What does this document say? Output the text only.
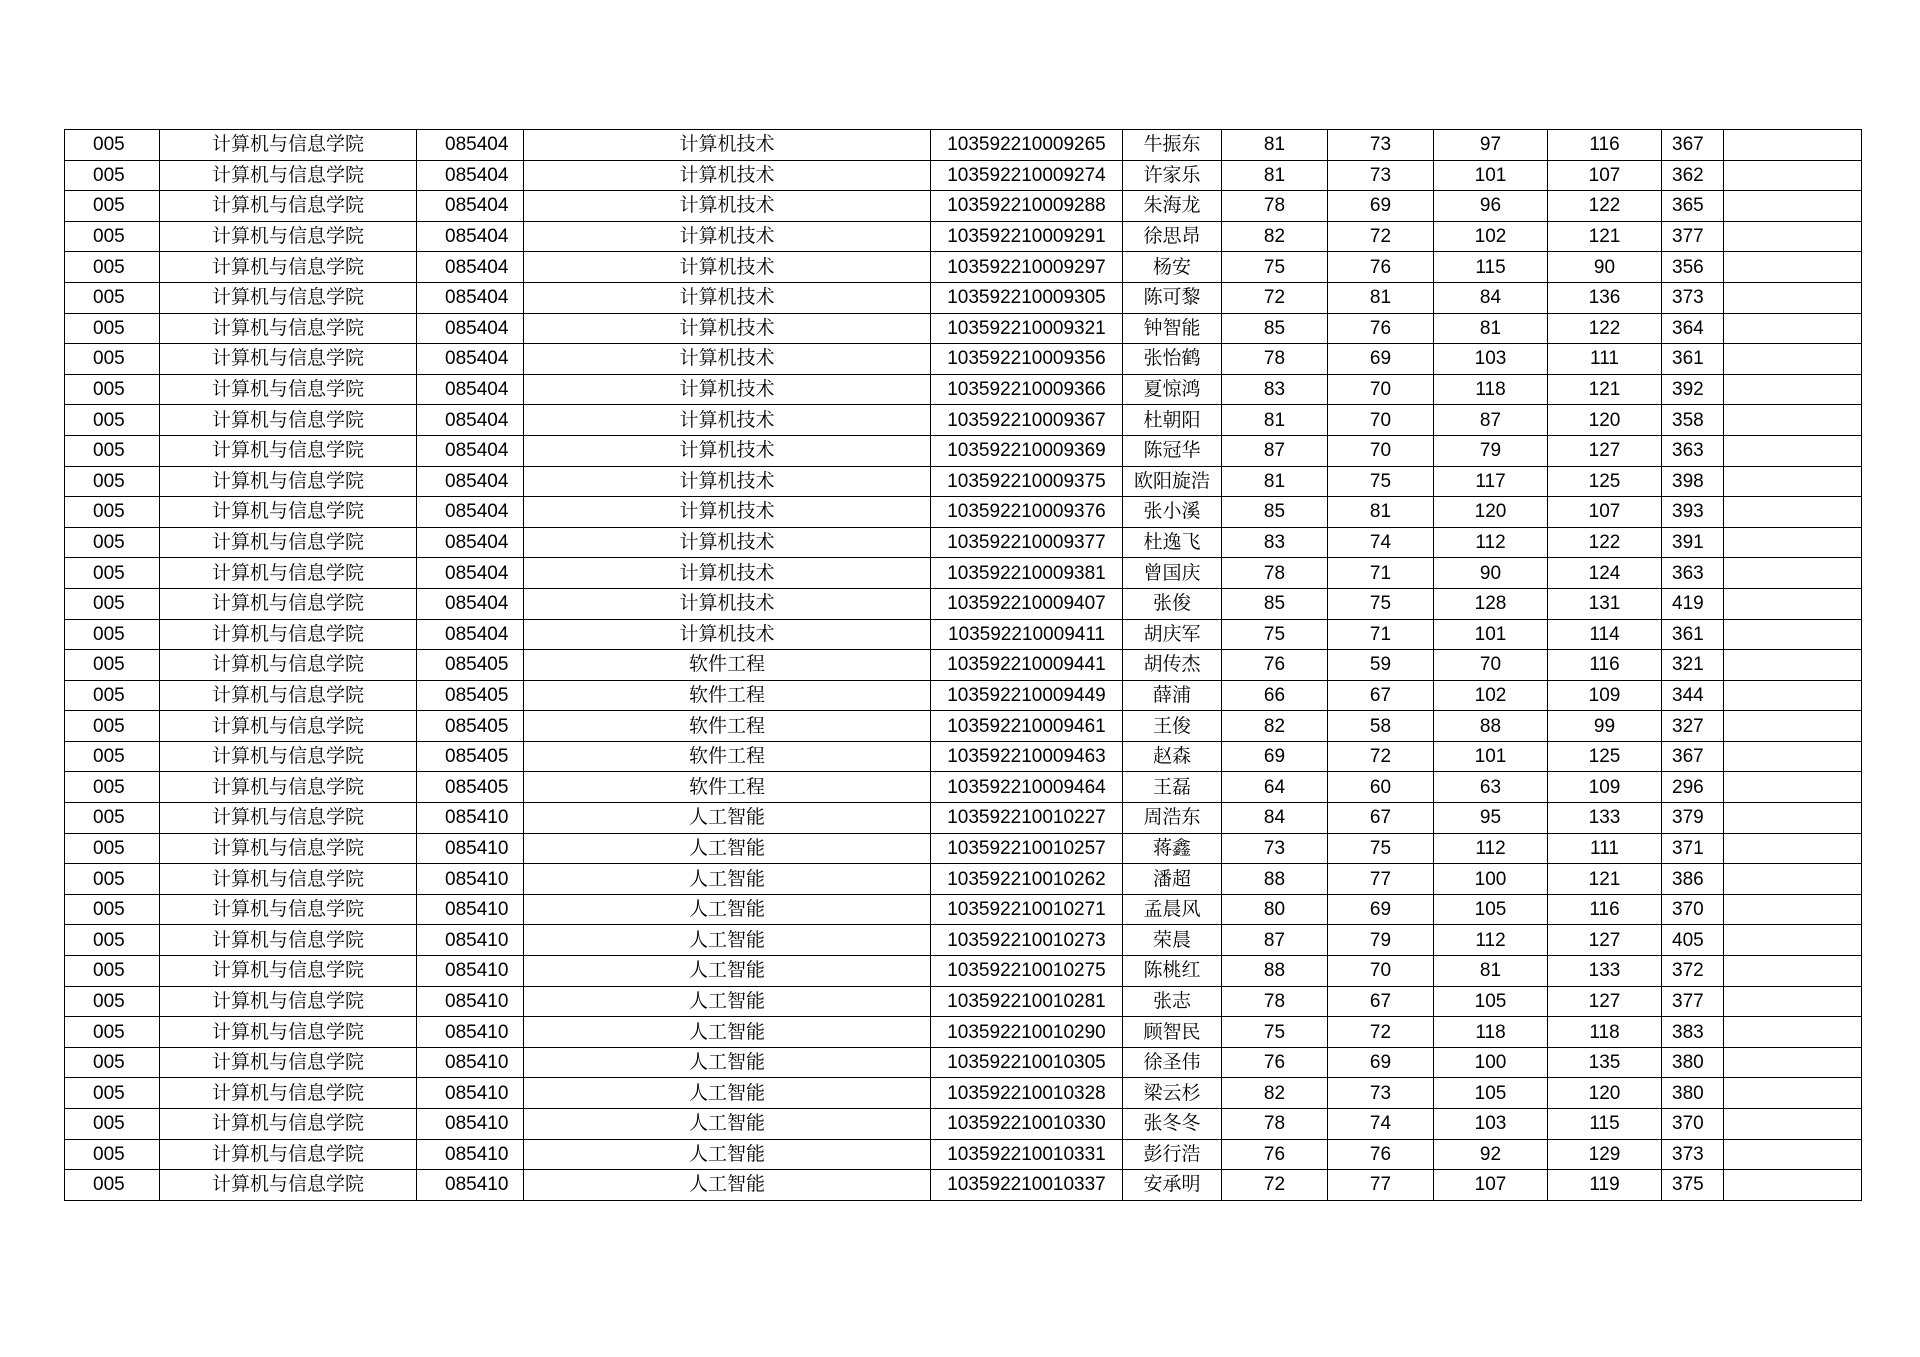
005	计算机与信息学院	085404	计算机技术	103592210009265	牛振东	81	73	97	116	367	
005	计算机与信息学院	085404	计算机技术	103592210009274	许家乐	81	73	101	107	362	
005	计算机与信息学院	085404	计算机技术	103592210009288	朱海龙	78	69	96	122	365	
005	计算机与信息学院	085404	计算机技术	103592210009291	徐思昂	82	72	102	121	377	
005	计算机与信息学院	085404	计算机技术	103592210009297	杨安	75	76	115	90	356	
005	计算机与信息学院	085404	计算机技术	103592210009305	陈可黎	72	81	84	136	373	
005	计算机与信息学院	085404	计算机技术	103592210009321	钟智能	85	76	81	122	364	
005	计算机与信息学院	085404	计算机技术	103592210009356	张怡鹤	78	69	103	111	361	
005	计算机与信息学院	085404	计算机技术	103592210009366	夏惊鸿	83	70	118	121	392	
005	计算机与信息学院	085404	计算机技术	103592210009367	杜朝阳	81	70	87	120	358	
005	计算机与信息学院	085404	计算机技术	103592210009369	陈冠华	87	70	79	127	363	
005	计算机与信息学院	085404	计算机技术	103592210009375	欧阳旋浩	81	75	117	125	398	
005	计算机与信息学院	085404	计算机技术	103592210009376	张小溪	85	81	120	107	393	
005	计算机与信息学院	085404	计算机技术	103592210009377	杜逸飞	83	74	112	122	391	
005	计算机与信息学院	085404	计算机技术	103592210009381	曾国庆	78	71	90	124	363	
005	计算机与信息学院	085404	计算机技术	103592210009407	张俊	85	75	128	131	419	
005	计算机与信息学院	085404	计算机技术	103592210009411	胡庆军	75	71	101	114	361	
005	计算机与信息学院	085405	软件工程	103592210009441	胡传杰	76	59	70	116	321	
005	计算机与信息学院	085405	软件工程	103592210009449	薛浦	66	67	102	109	344	
005	计算机与信息学院	085405	软件工程	103592210009461	王俊	82	58	88	99	327	
005	计算机与信息学院	085405	软件工程	103592210009463	赵森	69	72	101	125	367	
005	计算机与信息学院	085405	软件工程	103592210009464	王磊	64	60	63	109	296	
005	计算机与信息学院	085410	人工智能	103592210010227	周浩东	84	67	95	133	379	
005	计算机与信息学院	085410	人工智能	103592210010257	蒋鑫	73	75	112	111	371	
005	计算机与信息学院	085410	人工智能	103592210010262	潘超	88	77	100	121	386	
005	计算机与信息学院	085410	人工智能	103592210010271	孟晨风	80	69	105	116	370	
005	计算机与信息学院	085410	人工智能	103592210010273	荣晨	87	79	112	127	405	
005	计算机与信息学院	085410	人工智能	103592210010275	陈桃红	88	70	81	133	372	
005	计算机与信息学院	085410	人工智能	103592210010281	张志	78	67	105	127	377	
005	计算机与信息学院	085410	人工智能	103592210010290	顾智民	75	72	118	118	383	
005	计算机与信息学院	085410	人工智能	103592210010305	徐圣伟	76	69	100	135	380	
005	计算机与信息学院	085410	人工智能	103592210010328	梁云杉	82	73	105	120	380	
005	计算机与信息学院	085410	人工智能	103592210010330	张冬冬	78	74	103	115	370	
005	计算机与信息学院	085410	人工智能	103592210010331	彭行浩	76	76	92	129	373	
005	计算机与信息学院	085410	人工智能	103592210010337	安承明	72	77	107	119	375	
